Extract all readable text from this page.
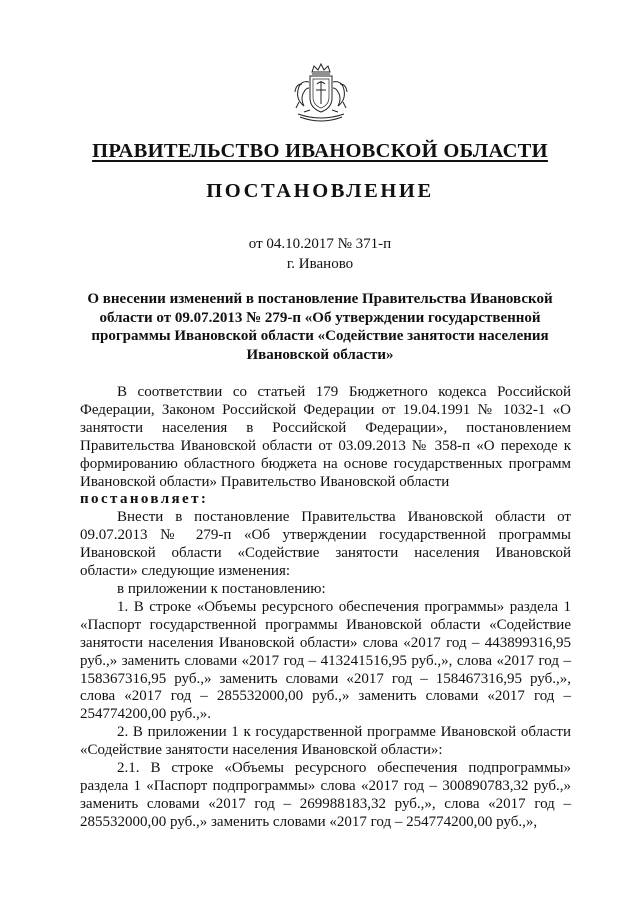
ПРАВИТЕЛЬСТВО ИВАНОВСКОЙ ОБЛАСТИ
ПОСТАНОВЛЕНИЕ
от 04.10.2017 № 371-п
г. Иваново
О внесении изменений в постановление Правительства Ивановской области от 09.07.2013 № 279-п «Об утверждении государственной программы Ивановской области «Содействие занятости населения Ивановской области»

В соответствии со статьей 179 Бюджетного кодекса Российской Федерации, Законом Российской Федерации от 19.04.1991 № 1032-1 «О занятости населения в Российской Федерации», постановлением Правительства Ивановской области от 03.09.2013 № 358-п «О переходе к формированию областного бюджета на основе государственных программ Ивановской области» Правительство Ивановской области

постановляет:

Внести в постановление Правительства Ивановской области от 09.07.2013 № 279-п «Об утверждении государственной программы Ивановской области «Содействие занятости населения Ивановской области» следующие изменения:

в приложении к постановлению:

1. В строке «Объемы ресурсного обеспечения программы» раздела 1 «Паспорт государственной программы Ивановской области «Содействие занятости населения Ивановской области» слова «2017 год – 443899316,95 руб.,» заменить словами «2017 год – 413241516,95 руб.,», слова «2017 год – 158367316,95 руб.,» заменить словами «2017 год – 158467316,95 руб.,», слова «2017 год – 285532000,00 руб.,» заменить словами «2017 год – 254774200,00 руб.,».

2. В приложении 1 к государственной программе Ивановской области «Содействие занятости населения Ивановской области»:

2.1. В строке «Объемы ресурсного обеспечения подпрограммы» раздела 1 «Паспорт подпрограммы» слова «2017 год – 300890783,32 руб.,» заменить словами «2017 год – 269988183,32 руб.,», слова «2017 год – 285532000,00 руб.,» заменить словами «2017 год – 254774200,00 руб.,»,
